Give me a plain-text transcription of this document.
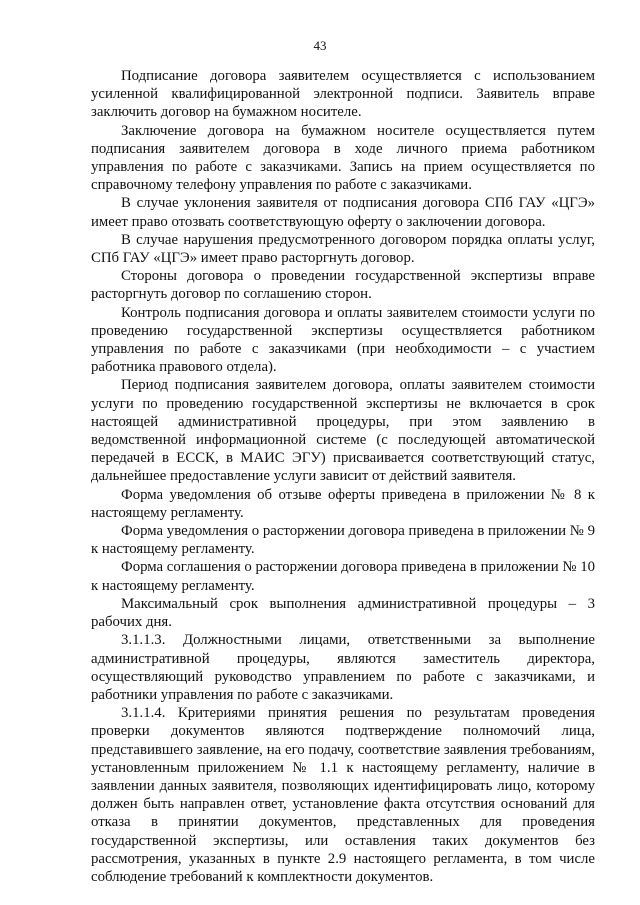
43

Подписание договора заявителем осуществляется с использованием усиленной квалифицированной электронной подписи. Заявитель вправе заключить договор на бумажном носителе.

Заключение договора на бумажном носителе осуществляется путем подписания заявителем договора в ходе личного приема работником управления по работе с заказчиками. Запись на прием осуществляется по справочному телефону управления по работе с заказчиками.

В случае уклонения заявителя от подписания договора СПб ГАУ «ЦГЭ» имеет право отозвать соответствующую оферту о заключении договора.

В случае нарушения предусмотренного договором порядка оплаты услуг, СПб ГАУ «ЦГЭ» имеет право расторгнуть договор.

Стороны договора о проведении государственной экспертизы вправе расторгнуть договор по соглашению сторон.

Контроль подписания договора и оплаты заявителем стоимости услуги по проведению государственной экспертизы осуществляется работником управления по работе с заказчиками (при необходимости – с участием работника правового отдела).

Период подписания заявителем договора, оплаты заявителем стоимости услуги по проведению государственной экспертизы не включается в срок настоящей административной процедуры, при этом заявлению в ведомственной информационной системе (с последующей автоматической передачей в ЕССК, в МАИС ЭГУ) присваивается соответствующий статус, дальнейшее предоставление услуги зависит от действий заявителя.

Форма уведомления об отзыве оферты приведена в приложении № 8 к настоящему регламенту.

Форма уведомления о расторжении договора приведена в приложении № 9 к настоящему регламенту.

Форма соглашения о расторжении договора приведена в приложении № 10 к настоящему регламенту.

Максимальный срок выполнения административной процедуры – 3 рабочих дня.

3.1.1.3. Должностными лицами, ответственными за выполнение административной процедуры, являются заместитель директора, осуществляющий руководство управлением по работе с заказчиками, и работники управления по работе с заказчиками.

3.1.1.4. Критериями принятия решения по результатам проведения проверки документов являются подтверждение полномочий лица, представившего заявление, на его подачу, соответствие заявления требованиям, установленным приложением № 1.1 к настоящему регламенту, наличие в заявлении данных заявителя, позволяющих идентифицировать лицо, которому должен быть направлен ответ, установление факта отсутствия оснований для отказа в принятии документов, представленных для проведения государственной экспертизы, или оставления таких документов без рассмотрения, указанных в пункте 2.9 настоящего регламента, в том числе соблюдение требований к комплектности документов.
